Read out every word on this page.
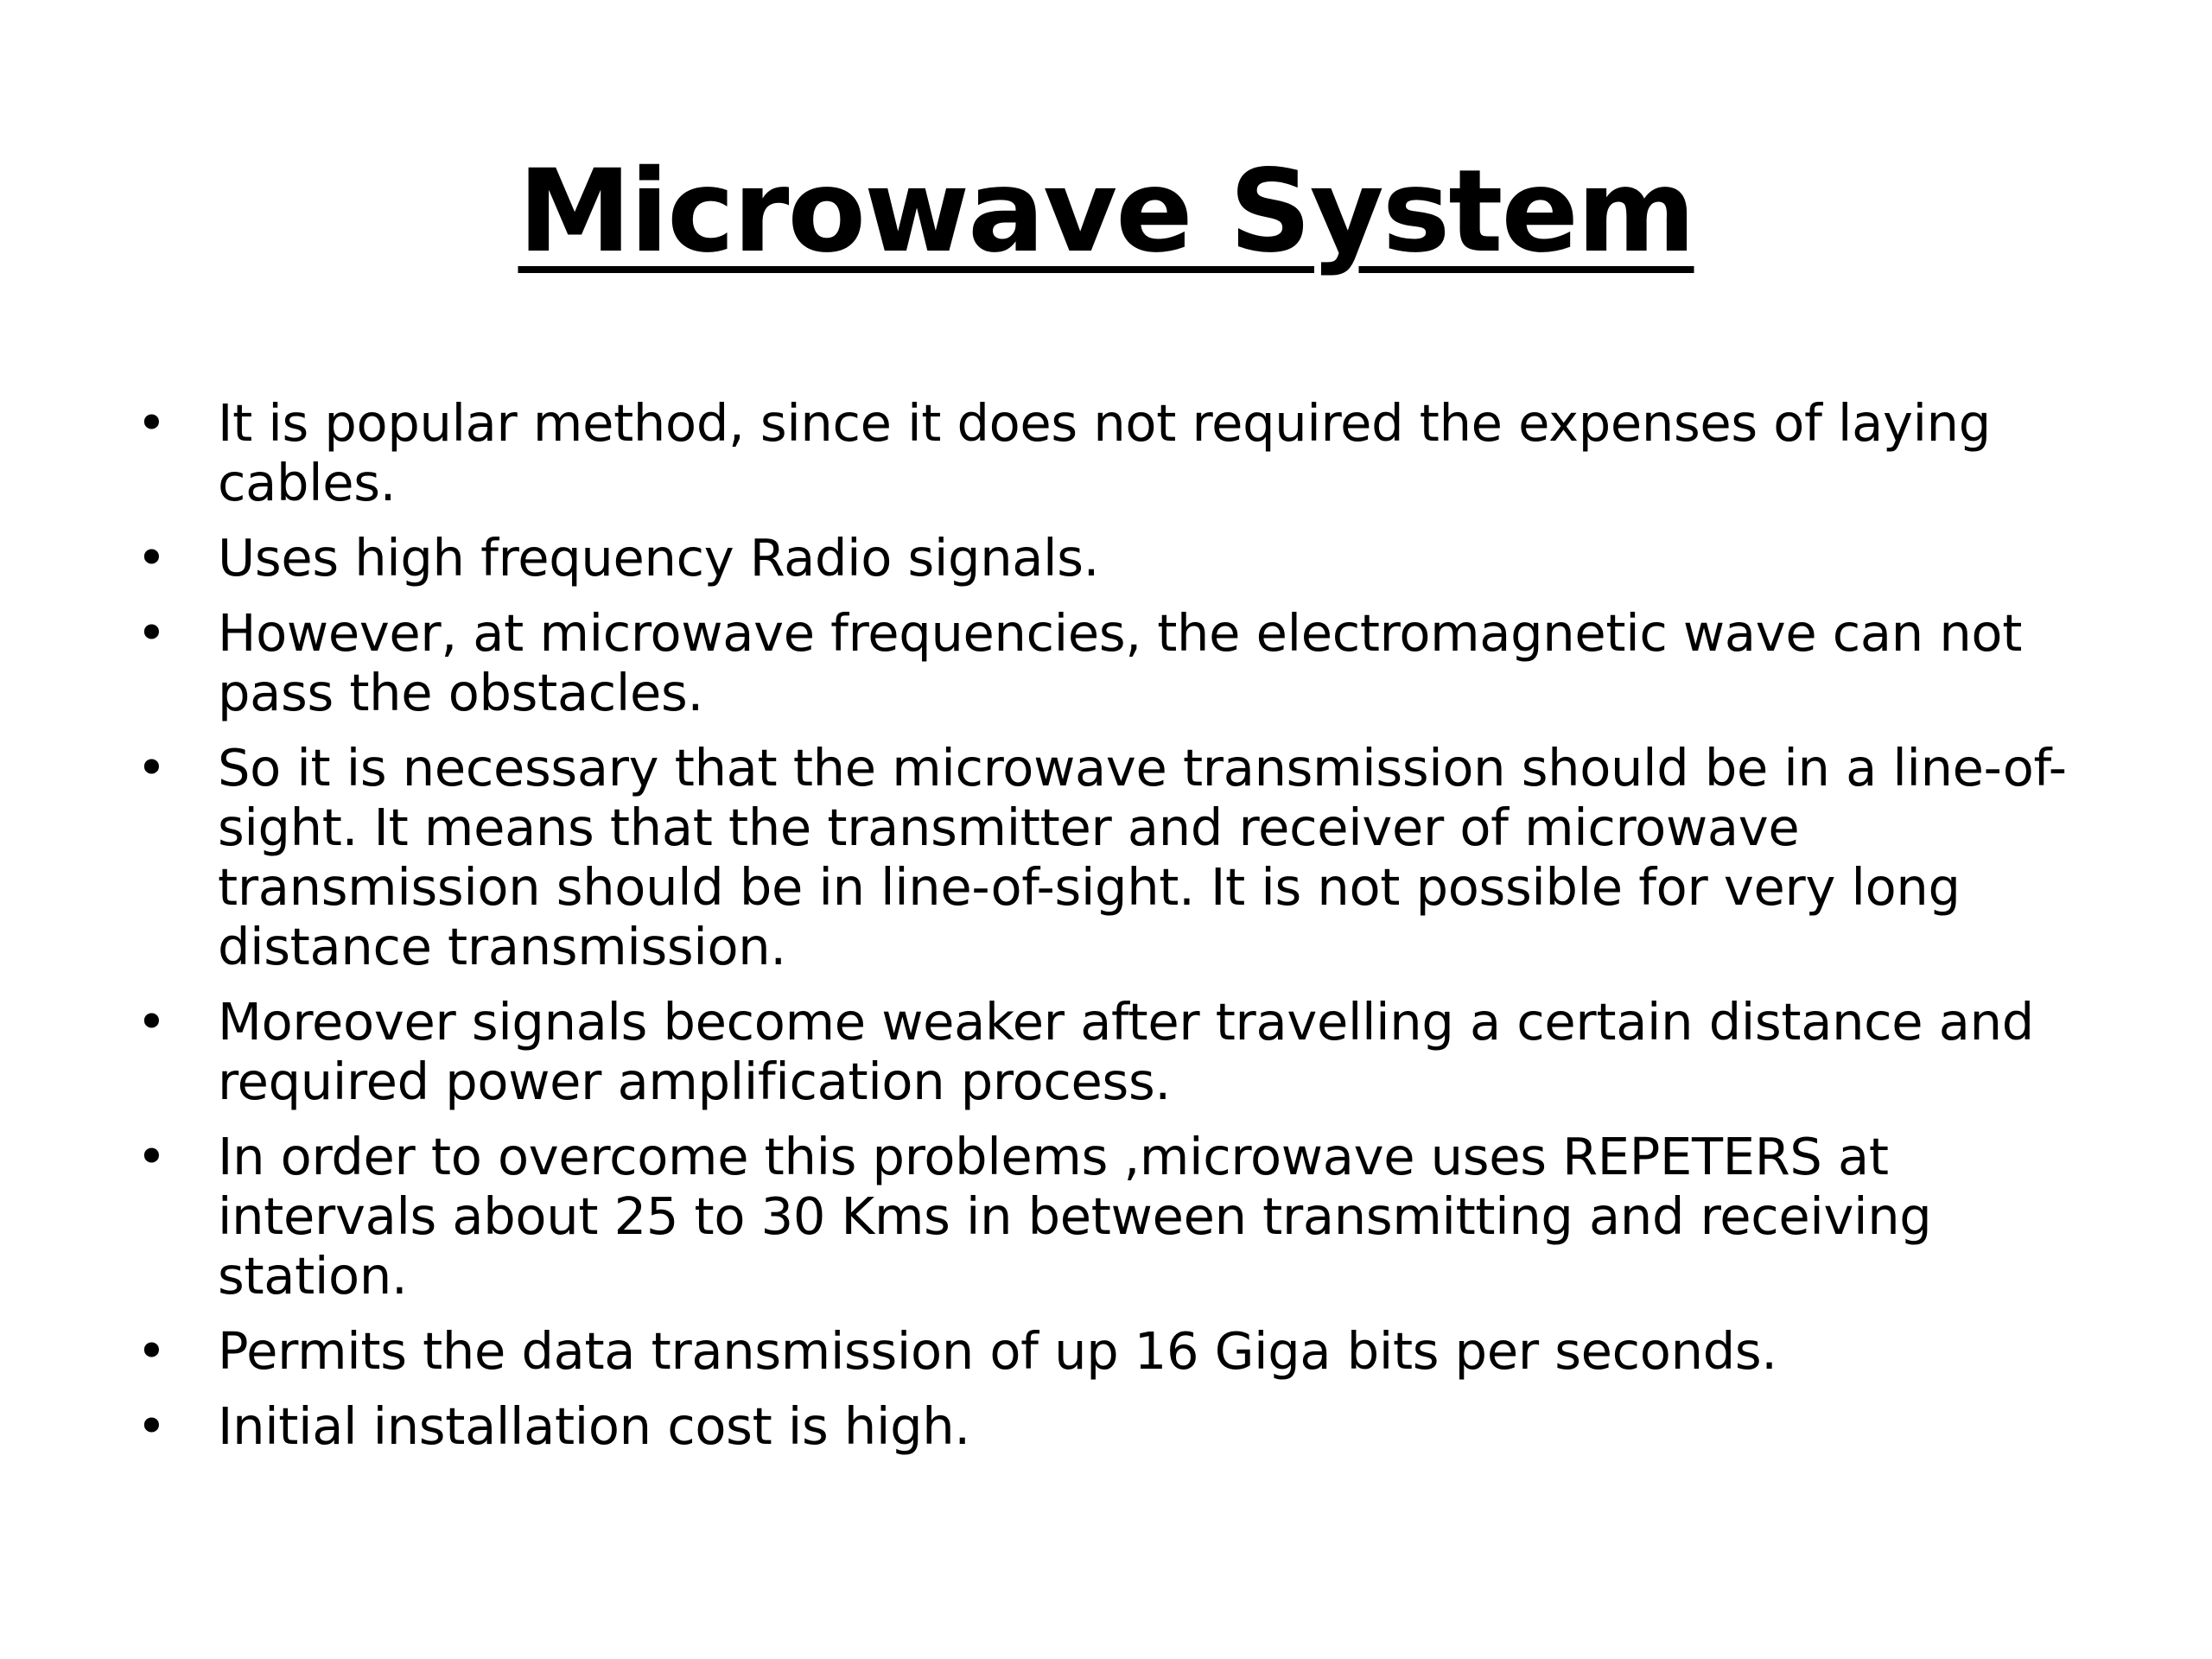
Microwave System
• It is popular method, since it does not required the expenses of laying cables.
• Uses high frequency Radio signals.
• However, at microwave frequencies, the electromagnetic wave can not pass the obstacles.
• So it is necessary that the microwave transmission should be in a line-of-sight. It means that the transmitter and receiver of microwave transmission should be in line-of-sight. It is not possible for very long distance transmission.
• Moreover signals become weaker after travelling a certain distance and required power amplification process.
• In order to overcome this problems ,microwave uses REPETERS at intervals about 25 to 30 Kms in between transmitting and receiving station.
• Permits the data transmission of up 16 Giga bits per seconds.
• Initial installation cost is high.
